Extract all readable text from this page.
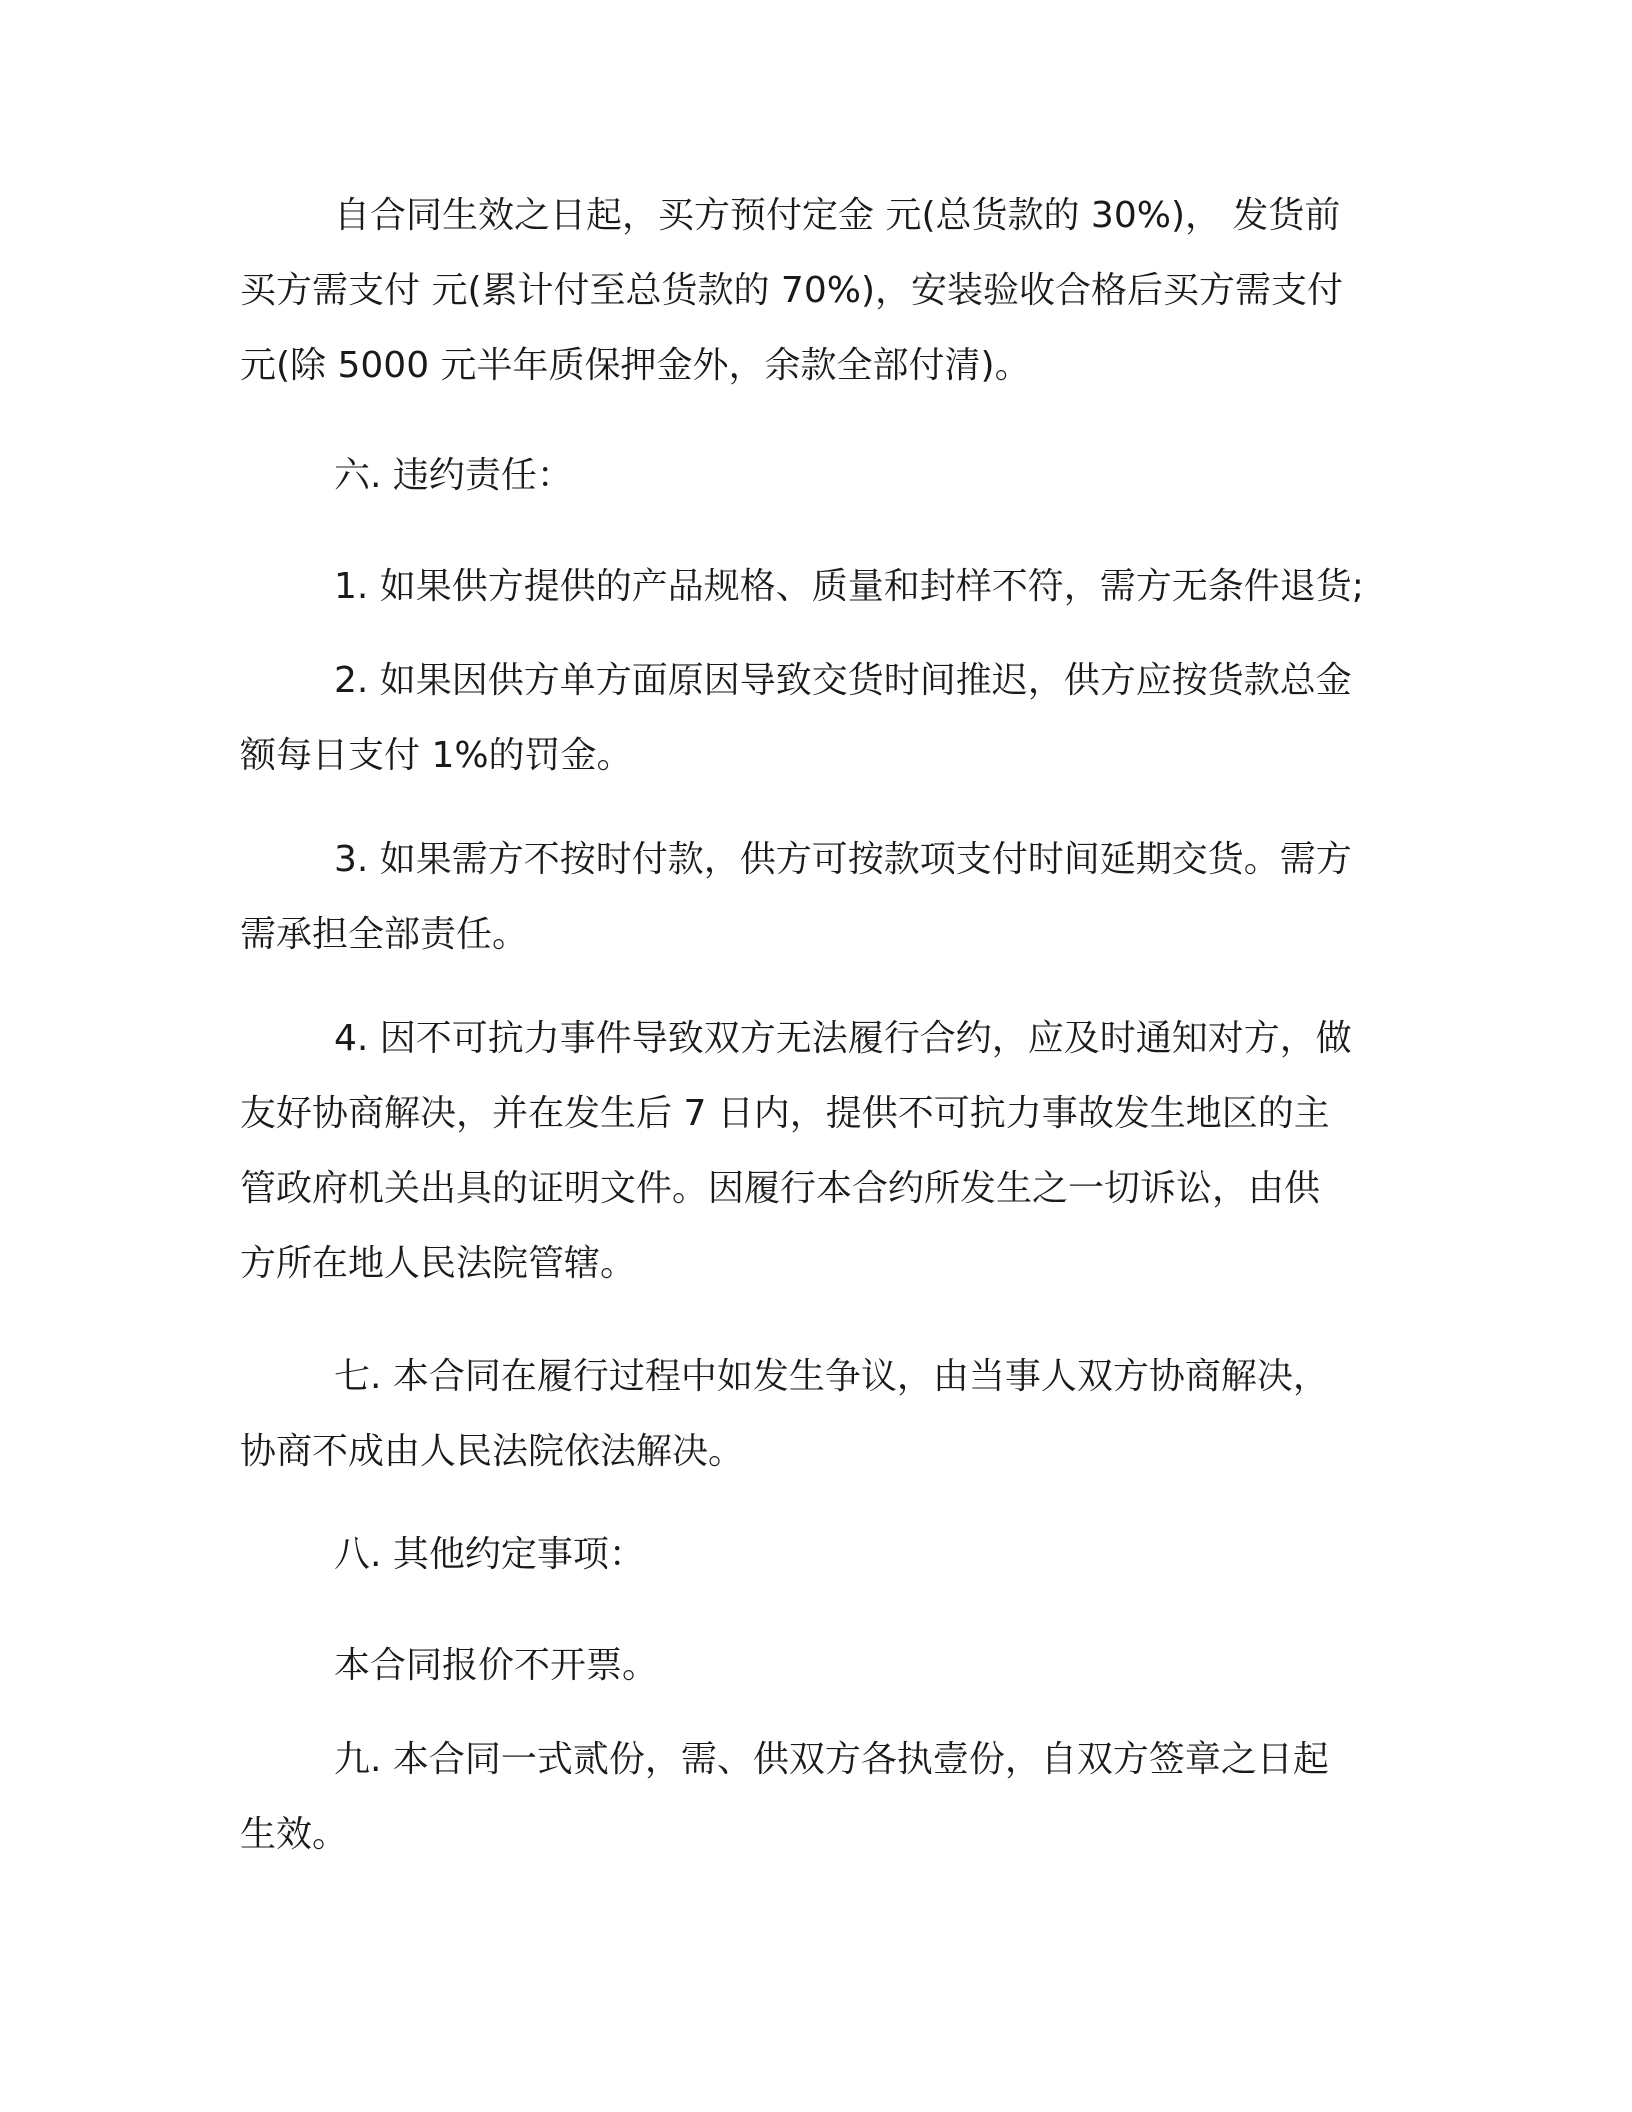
自合同生效之日起，买方预付定金 元(总货款的 30%)， 发货前
买方需支付 元(累计付至总货款的 70%)，安装验收合格后买方需支付
元(除 5000 元半年质保押金外，余款全部付清)。
六. 违约责任：
1. 如果供方提供的产品规格、质量和封样不符，需方无条件退货;
2. 如果因供方单方面原因导致交货时间推迟，供方应按货款总金
额每日支付 1%的罚金。
3. 如果需方不按时付款，供方可按款项支付时间延期交货。需方
需承担全部责任。
4. 因不可抗力事件导致双方无法履行合约，应及时通知对方，做
友好协商解决，并在发生后 7 日内，提供不可抗力事故发生地区的主
管政府机关出具的证明文件。因履行本合约所发生之一切诉讼，由供
方所在地人民法院管辖。
七. 本合同在履行过程中如发生争议，由当事人双方协商解决，
协商不成由人民法院依法解决。
八. 其他约定事项：
本合同报价不开票。
九. 本合同一式贰份，需、供双方各执壹份，自双方签章之日起
生效。
